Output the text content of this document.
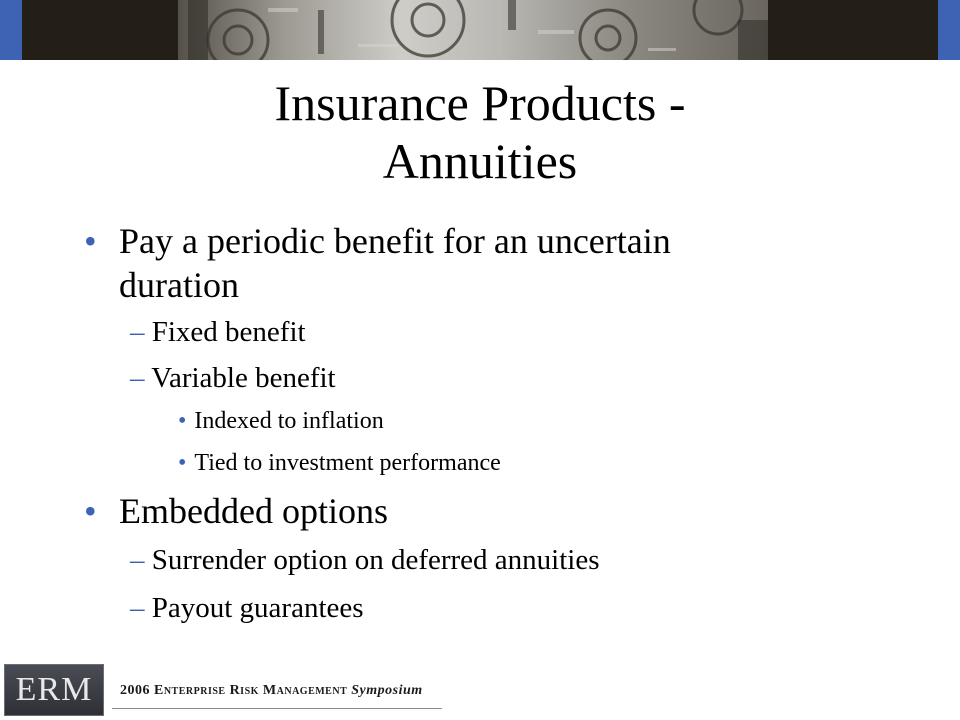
Insurance Products -
Annuities
• Pay a periodic benefit for an uncertain
duration
– Fixed benefit
– Variable benefit
• Indexed to inflation
• Tied to investment performance
• Embedded options
– Surrender option on deferred annuities
– Payout guarantees
ERM	2006 Enterprise Risk Management Symposium
